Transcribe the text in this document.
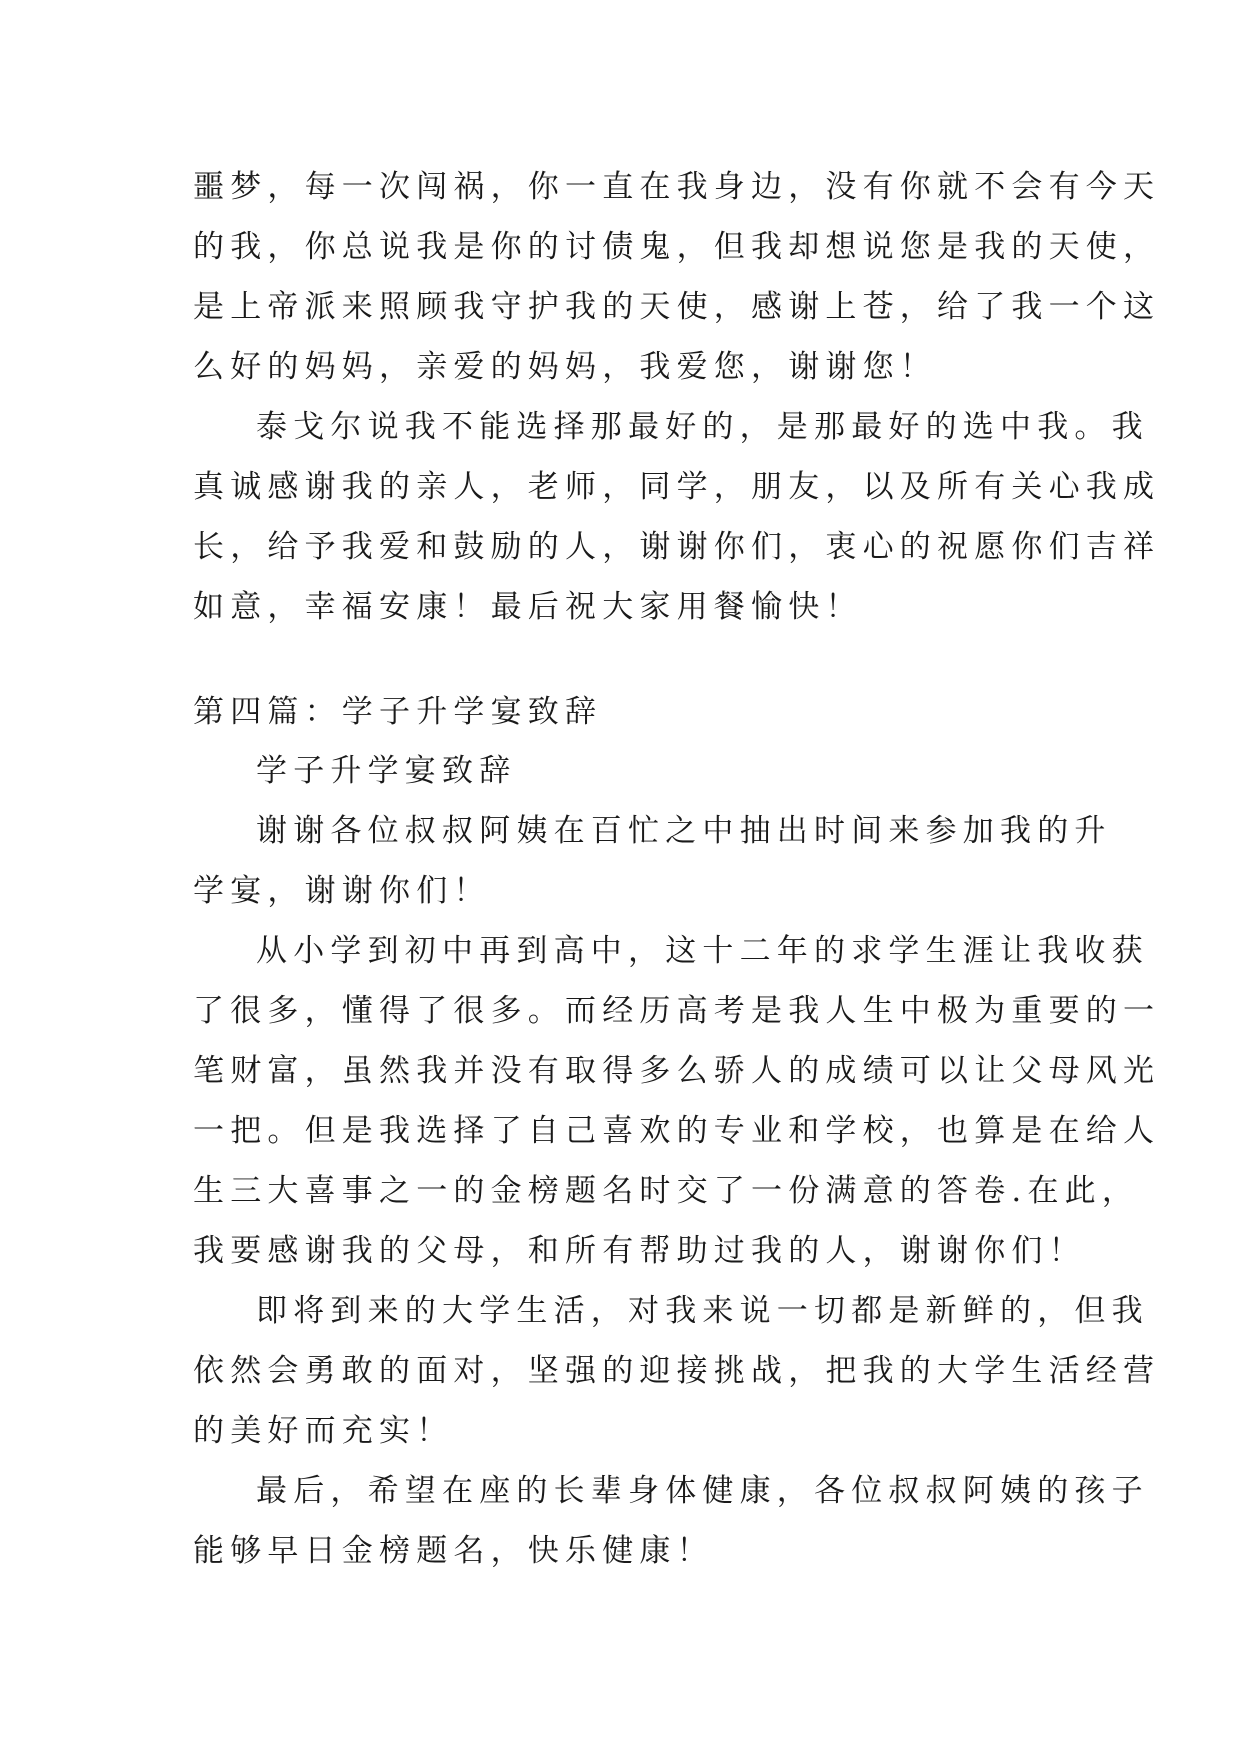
噩梦，每一次闯祸，你一直在我身边，没有你就不会有今天
的我，你总说我是你的讨债鬼，但我却想说您是我的天使，
是上帝派来照顾我守护我的天使，感谢上苍，给了我一个这
么好的妈妈，亲爱的妈妈，我爱您，谢谢您！
泰戈尔说我不能选择那最好的，是那最好的选中我。我
真诚感谢我的亲人，老师，同学，朋友，以及所有关心我成
长，给予我爱和鼓励的人，谢谢你们，衷心的祝愿你们吉祥
如意，幸福安康！最后祝大家用餐愉快！
第四篇：学子升学宴致辞
学子升学宴致辞
谢谢各位叔叔阿姨在百忙之中抽出时间来参加我的升
学宴，谢谢你们！
从小学到初中再到高中，这十二年的求学生涯让我收获
了很多，懂得了很多。而经历高考是我人生中极为重要的一
笔财富，虽然我并没有取得多么骄人的成绩可以让父母风光
一把。但是我选择了自己喜欢的专业和学校，也算是在给人
生三大喜事之一的金榜题名时交了一份满意的答卷.在此，
我要感谢我的父母，和所有帮助过我的人，谢谢你们！
即将到来的大学生活，对我来说一切都是新鲜的，但我
依然会勇敢的面对，坚强的迎接挑战，把我的大学生活经营
的美好而充实！
最后，希望在座的长辈身体健康，各位叔叔阿姨的孩子
能够早日金榜题名，快乐健康！
